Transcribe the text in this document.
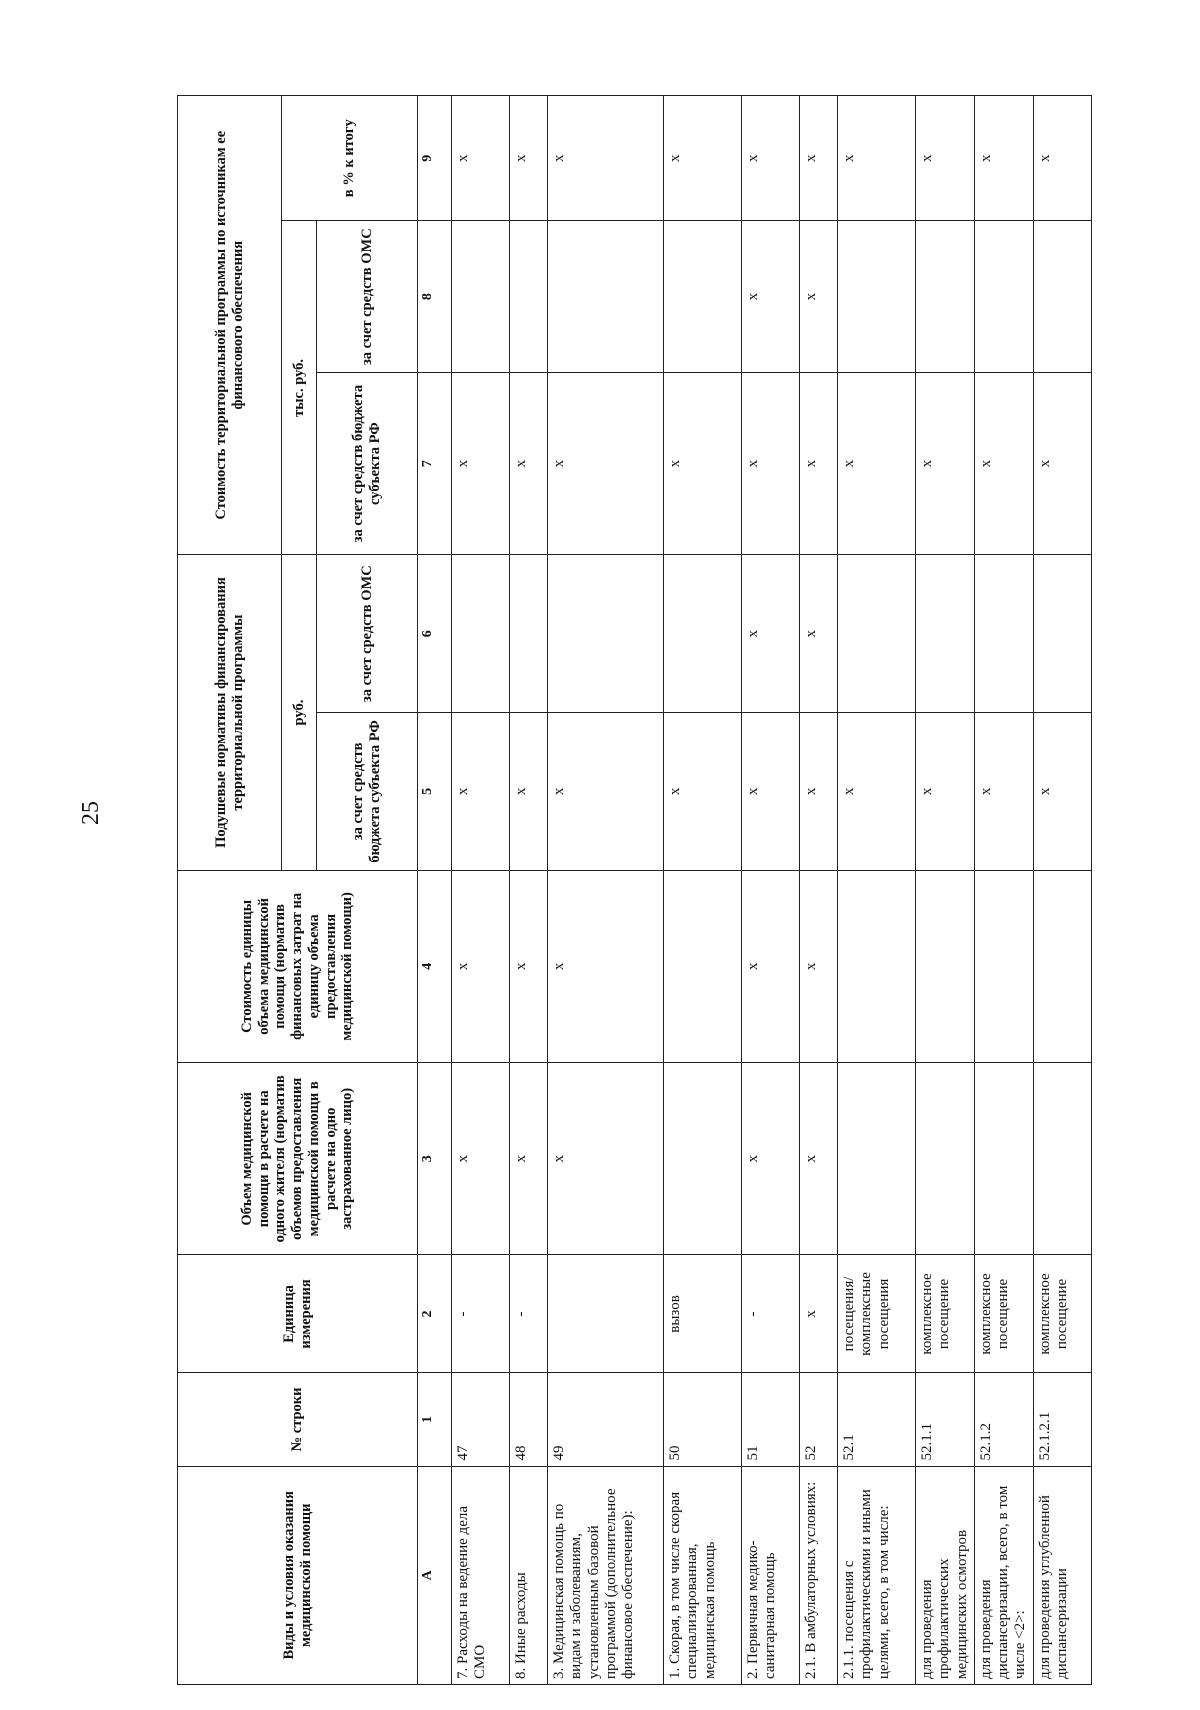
25
Виды и условия оказания медицинской помощи	№ строки	Единица измерения	Объем медицинской помощи в расчете на одного жителя (норматив объемов предоставления медицинской помощи в расчете на одно застрахованное лицо)	Стоимость единицы объема медицинской помощи (норматив финансовых затрат на единицу объема предоставления медицинской помощи)	Подушевые нормативы финансирования территориальной программы		Стоимость территориальной программы по источникам ее финансового обеспечения		
					руб.		тыс. руб.		в % к итогу
					за счет средств бюджета субъекта РФ	за счет средств ОМС	за счет средств бюджета субъекта РФ	за счет средств ОМС	
А	1	2	3	4	5	6	7	8	9
7. Расходы на ведение дела СМО	47	-	x	x	x		x		x
8. Иные расходы	48	-	x	x	x		x		x
3. Медицинская помощь по видам и заболеваниям, установленным базовой программой (дополнительное финансовое обеспечение):	49		x	x	x		x		x
1. Скорая, в том числе скорая специализированная, медицинская помощь	50	вызов			x		x		x
2. Первичная медико-санитарная помощь	51	-	x	x	x	x	x	x	x
2.1. В амбулаторных условиях:	52	x	x	x	x	x	x	x	x
2.1.1. посещения с профилактическими и иными целями, всего, в том числе:	52.1	посещения/комплексные посещения			x		x		x
для проведения профилактических медицинских осмотров	52.1.1	комплексное посещение			x		x		x
для проведения диспансеризации, всего, в том числе <2>:	52.1.2	комплексное посещение			x		x		x
для проведения углубленной диспансеризации	52.1.2.1	комплексное посещение			x		x		x
